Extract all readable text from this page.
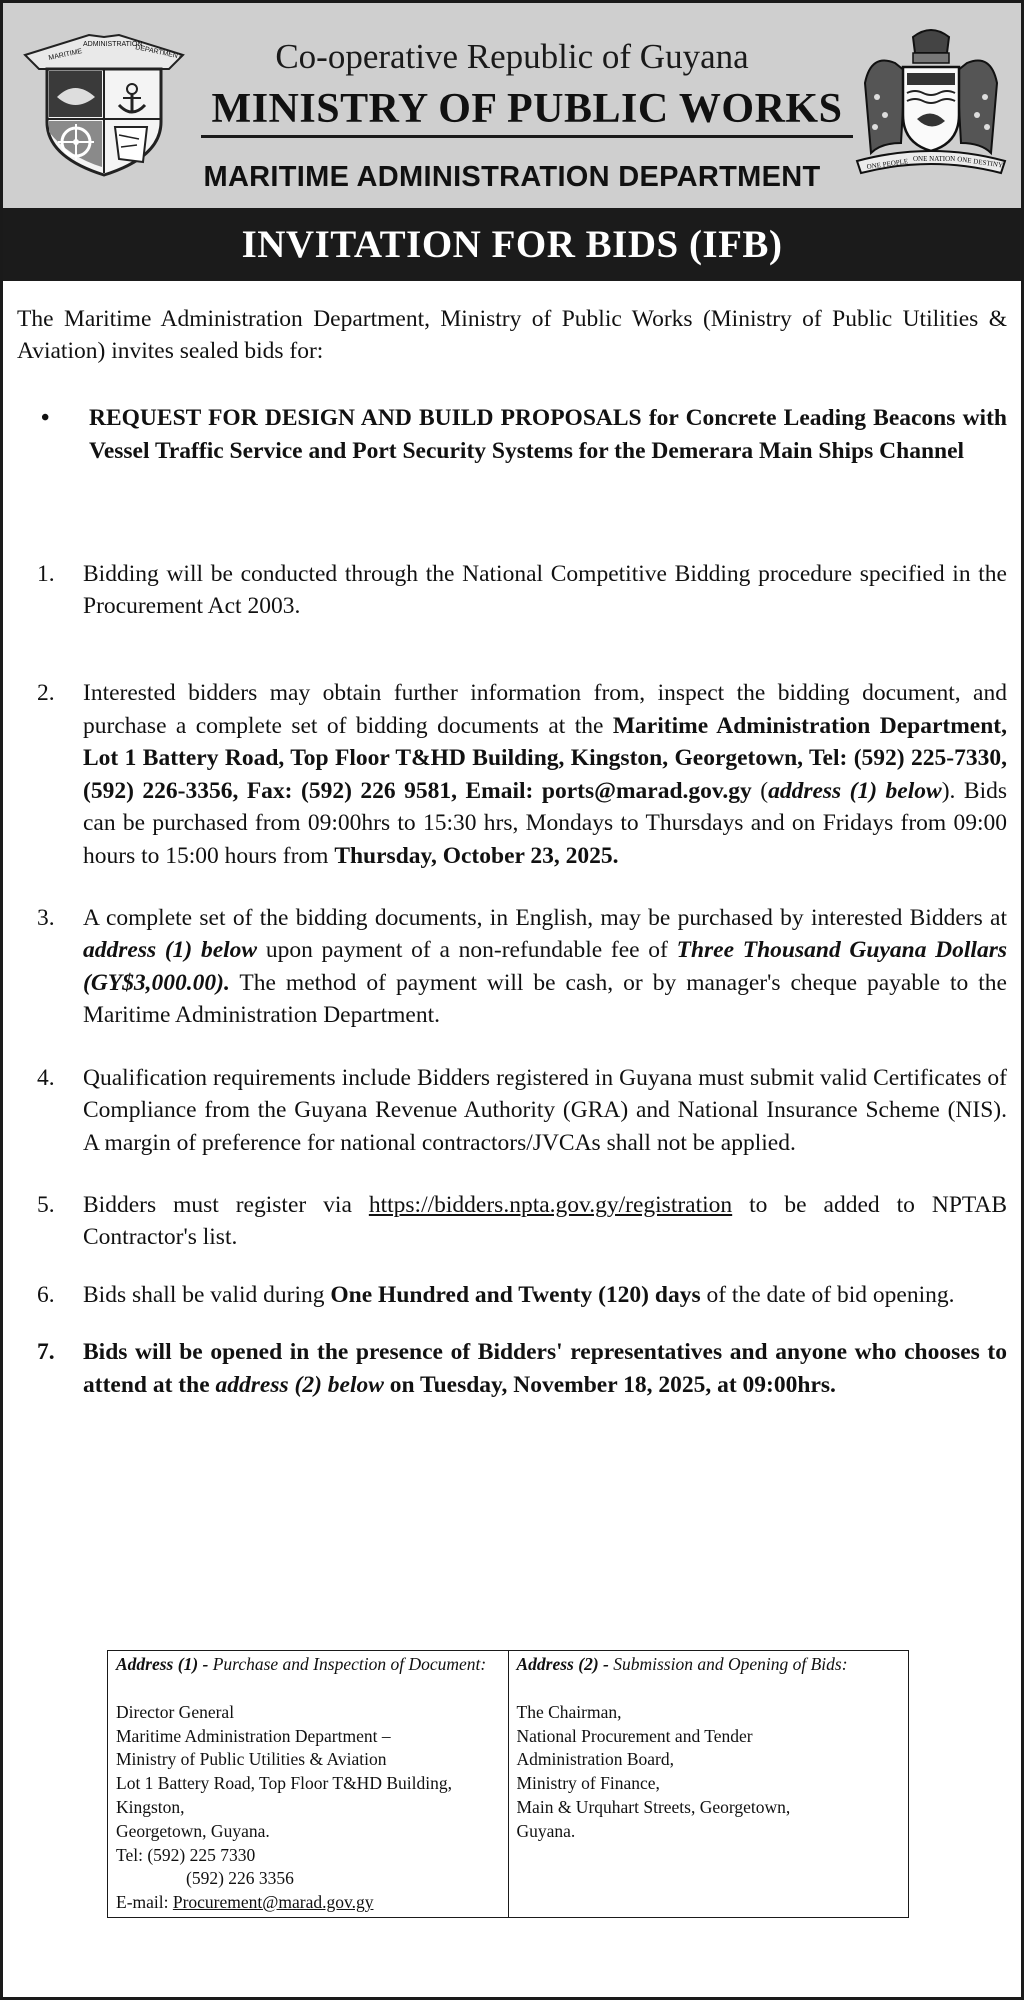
MARITIME
ADMINISTRATION
DEPARTMENT	Co-operative Republic of Guyana
MINISTRY OF PUBLIC WORKS
MARITIME ADMINISTRATION DEPARTMENT	ONE PEOPLE ONE NATION ONE DESTINY
INVITATION FOR BIDS (IFB)

The Maritime Administration Department, Ministry of Public Works (Ministry of Public Utilities & Aviation) invites sealed bids for:

•	REQUEST FOR DESIGN AND BUILD PROPOSALS for Concrete Leading Beacons with Vessel Traffic Service and Port Security Systems for the Demerara Main Ships Channel
1.	Bidding will be conducted through the National Competitive Bidding procedure specified in the Procurement Act 2003.
2.	Interested bidders may obtain further information from, inspect the bidding document, and purchase a complete set of bidding documents at the Maritime Administration Department, Lot 1 Battery Road, Top Floor T&HD Building, Kingston, Georgetown, Tel: (592) 225-7330, (592) 226-3356, Fax: (592) 226 9581, Email: ports@marad.gov.gy (address (1) below). Bids can be purchased from 09:00hrs to 15:30 hrs, Mondays to Thursdays and on Fridays from 09:00 hours to 15:00 hours from Thursday, October 23, 2025.
3.	A complete set of the bidding documents, in English, may be purchased by interested Bidders at address (1) below upon payment of a non-refundable fee of Three Thousand Guyana Dollars (GY$3,000.00). The method of payment will be cash, or by manager's cheque payable to the Maritime Administration Department.
4.	Qualification requirements include Bidders registered in Guyana must submit valid Certificates of Compliance from the Guyana Revenue Authority (GRA) and National Insurance Scheme (NIS). A margin of preference for national contractors/JVCAs shall not be applied.
5.	Bidders must register via https://bidders.npta.gov.gy/registration to be added to NPTAB Contractor's list.
6.	Bids shall be valid during One Hundred and Twenty (120) days of the date of bid opening.
7.	Bids will be opened in the presence of Bidders' representatives and anyone who chooses to attend at the address (2) below on Tuesday, November 18, 2025, at 09:00hrs.
Address (1) - Purchase and Inspection of Document:
Director General
Maritime Administration Department –
Ministry of Public Utilities & Aviation
Lot 1 Battery Road, Top Floor T&HD Building,
Kingston,
Georgetown, Guyana.
Tel: (592) 225 7330
(592) 226 3356
E-mail: Procurement@marad.gov.gy

Address (2) - Submission and Opening of Bids:
The Chairman,
National Procurement and Tender
Administration Board,
Ministry of Finance,
Main & Urquhart Streets, Georgetown,
Guyana.
